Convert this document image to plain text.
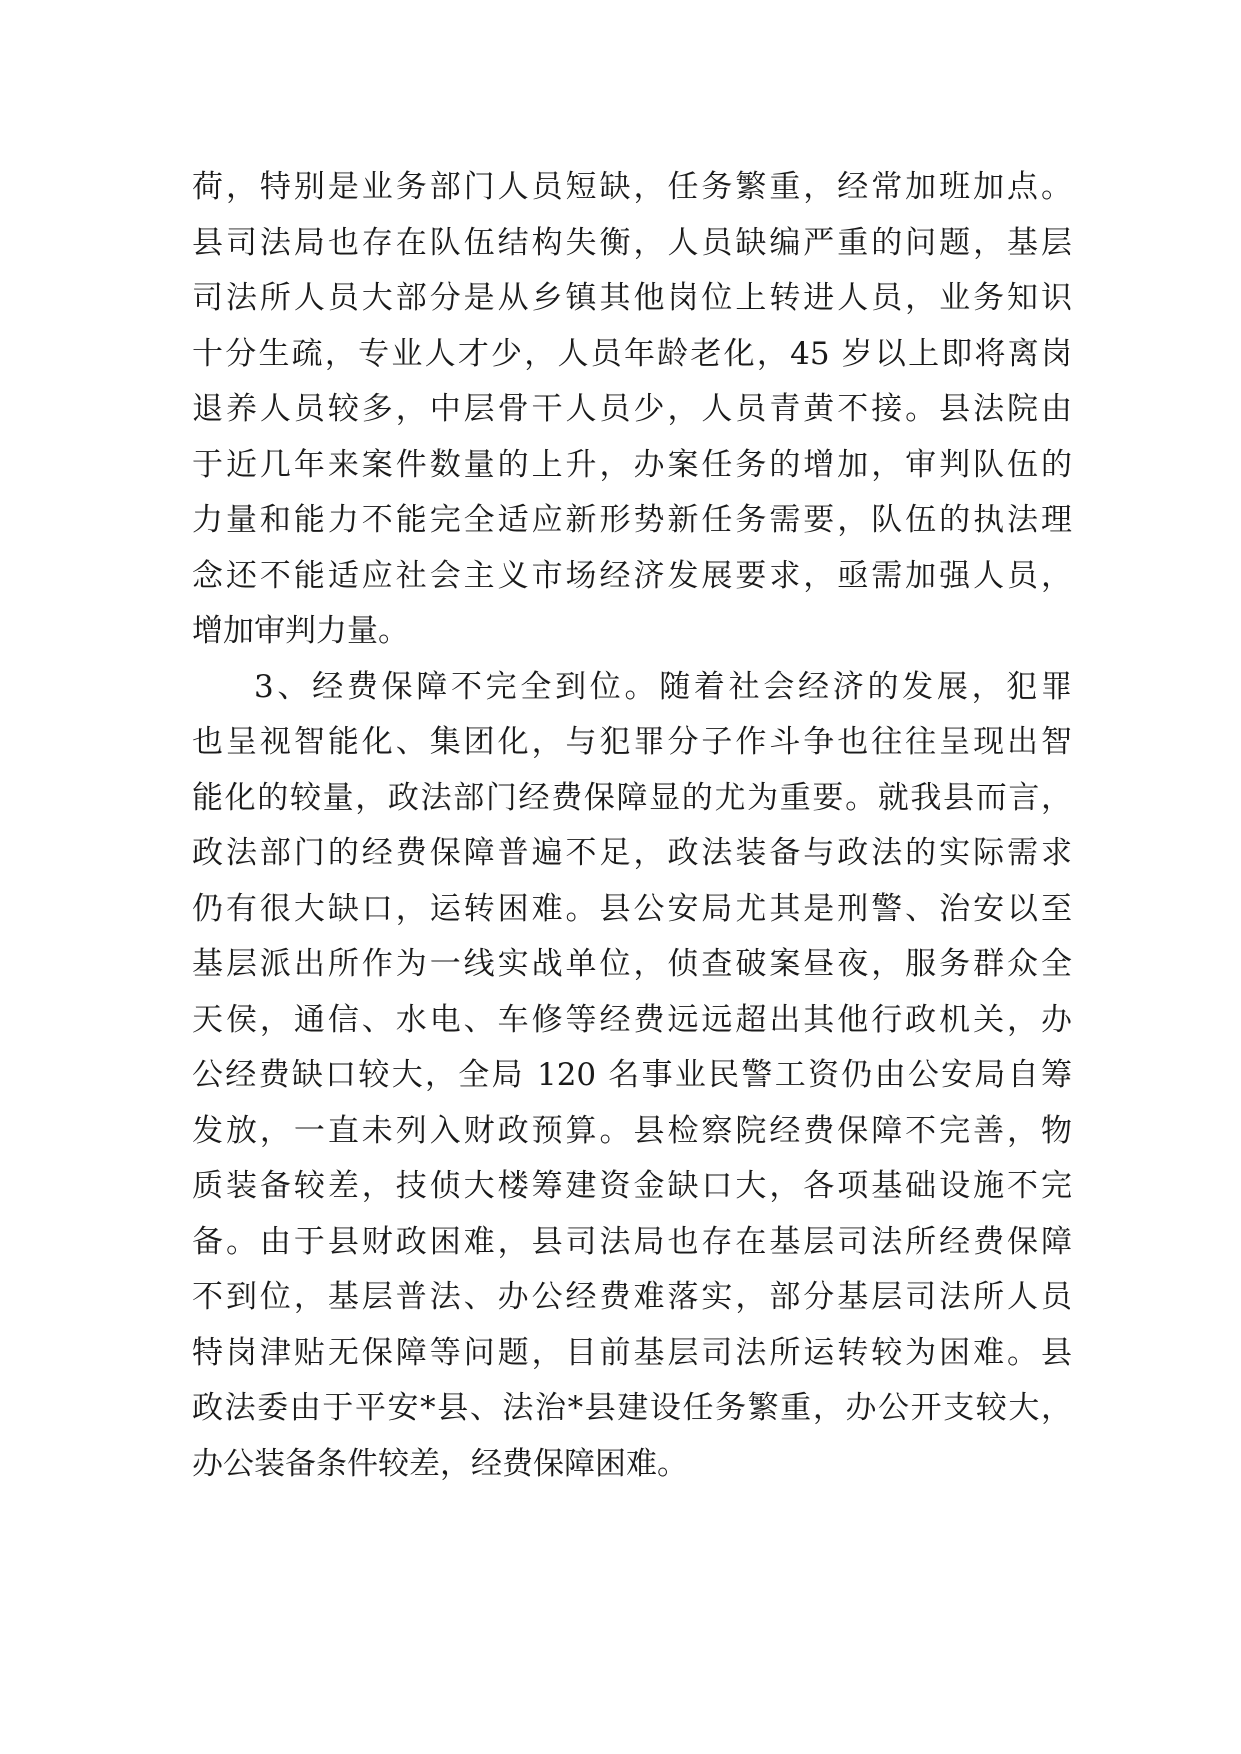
荷，特别是业务部门人员短缺，任务繁重，经常加班加点。
县司法局也存在队伍结构失衡，人员缺编严重的问题，基层
司法所人员大部分是从乡镇其他岗位上转进人员，业务知识
十分生疏，专业人才少，人员年龄老化，45 岁以上即将离岗
退养人员较多，中层骨干人员少，人员青黄不接。县法院由
于近几年来案件数量的上升，办案任务的增加，审判队伍的
力量和能力不能完全适应新形势新任务需要，队伍的执法理
念还不能适应社会主义市场经济发展要求，亟需加强人员，
增加审判力量。
3、经费保障不完全到位。随着社会经济的发展，犯罪
也呈视智能化、集团化，与犯罪分子作斗争也往往呈现出智
能化的较量，政法部门经费保障显的尤为重要。就我县而言，
政法部门的经费保障普遍不足，政法装备与政法的实际需求
仍有很大缺口，运转困难。县公安局尤其是刑警、治安以至
基层派出所作为一线实战单位，侦查破案昼夜，服务群众全
天侯，通信、水电、车修等经费远远超出其他行政机关，办
公经费缺口较大，全局 120 名事业民警工资仍由公安局自筹
发放，一直未列入财政预算。县检察院经费保障不完善，物
质装备较差，技侦大楼筹建资金缺口大，各项基础设施不完
备。由于县财政困难，县司法局也存在基层司法所经费保障
不到位，基层普法、办公经费难落实，部分基层司法所人员
特岗津贴无保障等问题，目前基层司法所运转较为困难。县
政法委由于平安*县、法治*县建设任务繁重，办公开支较大，
办公装备条件较差，经费保障困难。
